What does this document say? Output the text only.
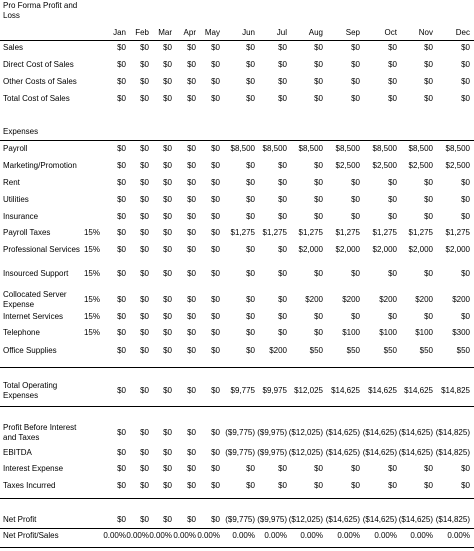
Pro Forma Profit and Loss
Jan	Feb	Mar	Apr	May	Jun	Jul	Aug	Sep	Oct	Nov	Dec
Sales	$0	$0	$0	$0	$0	$0	$0	$0	$0	$0	$0	$0
Direct Cost of Sales	$0	$0	$0	$0	$0	$0	$0	$0	$0	$0	$0	$0
Other Costs of Sales	$0	$0	$0	$0	$0	$0	$0	$0	$0	$0	$0	$0
Total Cost of Sales	$0	$0	$0	$0	$0	$0	$0	$0	$0	$0	$0	$0
Expenses
Payroll	$0	$0	$0	$0	$0	$8,500 $8,500	$8,500	$8,500	$8,500	$8,500	$8,500
Marketing/Promotion	$0	$0	$0	$0	$0	$0	$0	$0	$2,500	$2,500	$2,500	$2,500
Rent	$0	$0	$0	$0	$0	$0	$0	$0	$0	$0	$0	$0
Utilities	$0	$0	$0	$0	$0	$0	$0	$0	$0	$0	$0	$0
Insurance	$0	$0	$0	$0	$0	$0	$0	$0	$0	$0	$0	$0
Payroll Taxes	15%	$0	$0	$0	$0	$0	$1,275 $1,275	$1,275	$1,275	$1,275	$1,275	$1,275
Professional Services 15%	$0	$0	$0	$0	$0	$0	$0	$2,000	$2,000	$2,000	$2,000	$2,000
Insourced Support	15%	$0	$0	$0	$0	$0	$0	$0	$0	$0	$0	$0	$0
Collocated Server Expense
15%	$0	$0	$0	$0	$0	$0	$0	$200	$200	$200	$200	$200
Internet Services	15%	$0	$0	$0	$0	$0	$0	$0	$0	$0	$0	$0	$0
Telephone	15%	$0	$0	$0	$0	$0	$0	$0	$0	$100	$100	$100	$300
Office Supplies	$0	$0	$0	$0	$0	$0	$200	$50	$50	$50	$50	$50
Total Operating Expenses
$0	$0	$0	$0	$0	$9,775 $9,975 $12,025	$14,625	$14,625 $14,625	$14,825
Profit Before Interest and Taxes
$0	$0	$0	$0	$0 ($9,775) ($9,975) ($12,025) ($14,625) ($14,625) ($14,625) ($14,825)
EBITDA	$0	$0	$0	$0	$0 ($9,775) ($9,975) ($12,025) ($14,625) ($14,625) ($14,625) ($14,825)
Interest Expense	$0	$0	$0	$0	$0	$0	$0	$0	$0	$0	$0	$0
Taxes Incurred	$0	$0	$0	$0	$0	$0	$0	$0	$0	$0	$0	$0
Net Profit	$0	$0	$0	$0	$0 ($9,775) ($9,975) ($12,025) ($14,625) ($14,625) ($14,625) ($14,825)
Net Profit/Sales	0.00% 0.00% 0.00% 0.00% 0.00%	0.00%	0.00%	0.00%	0.00%	0.00%	0.00%	0.00%
